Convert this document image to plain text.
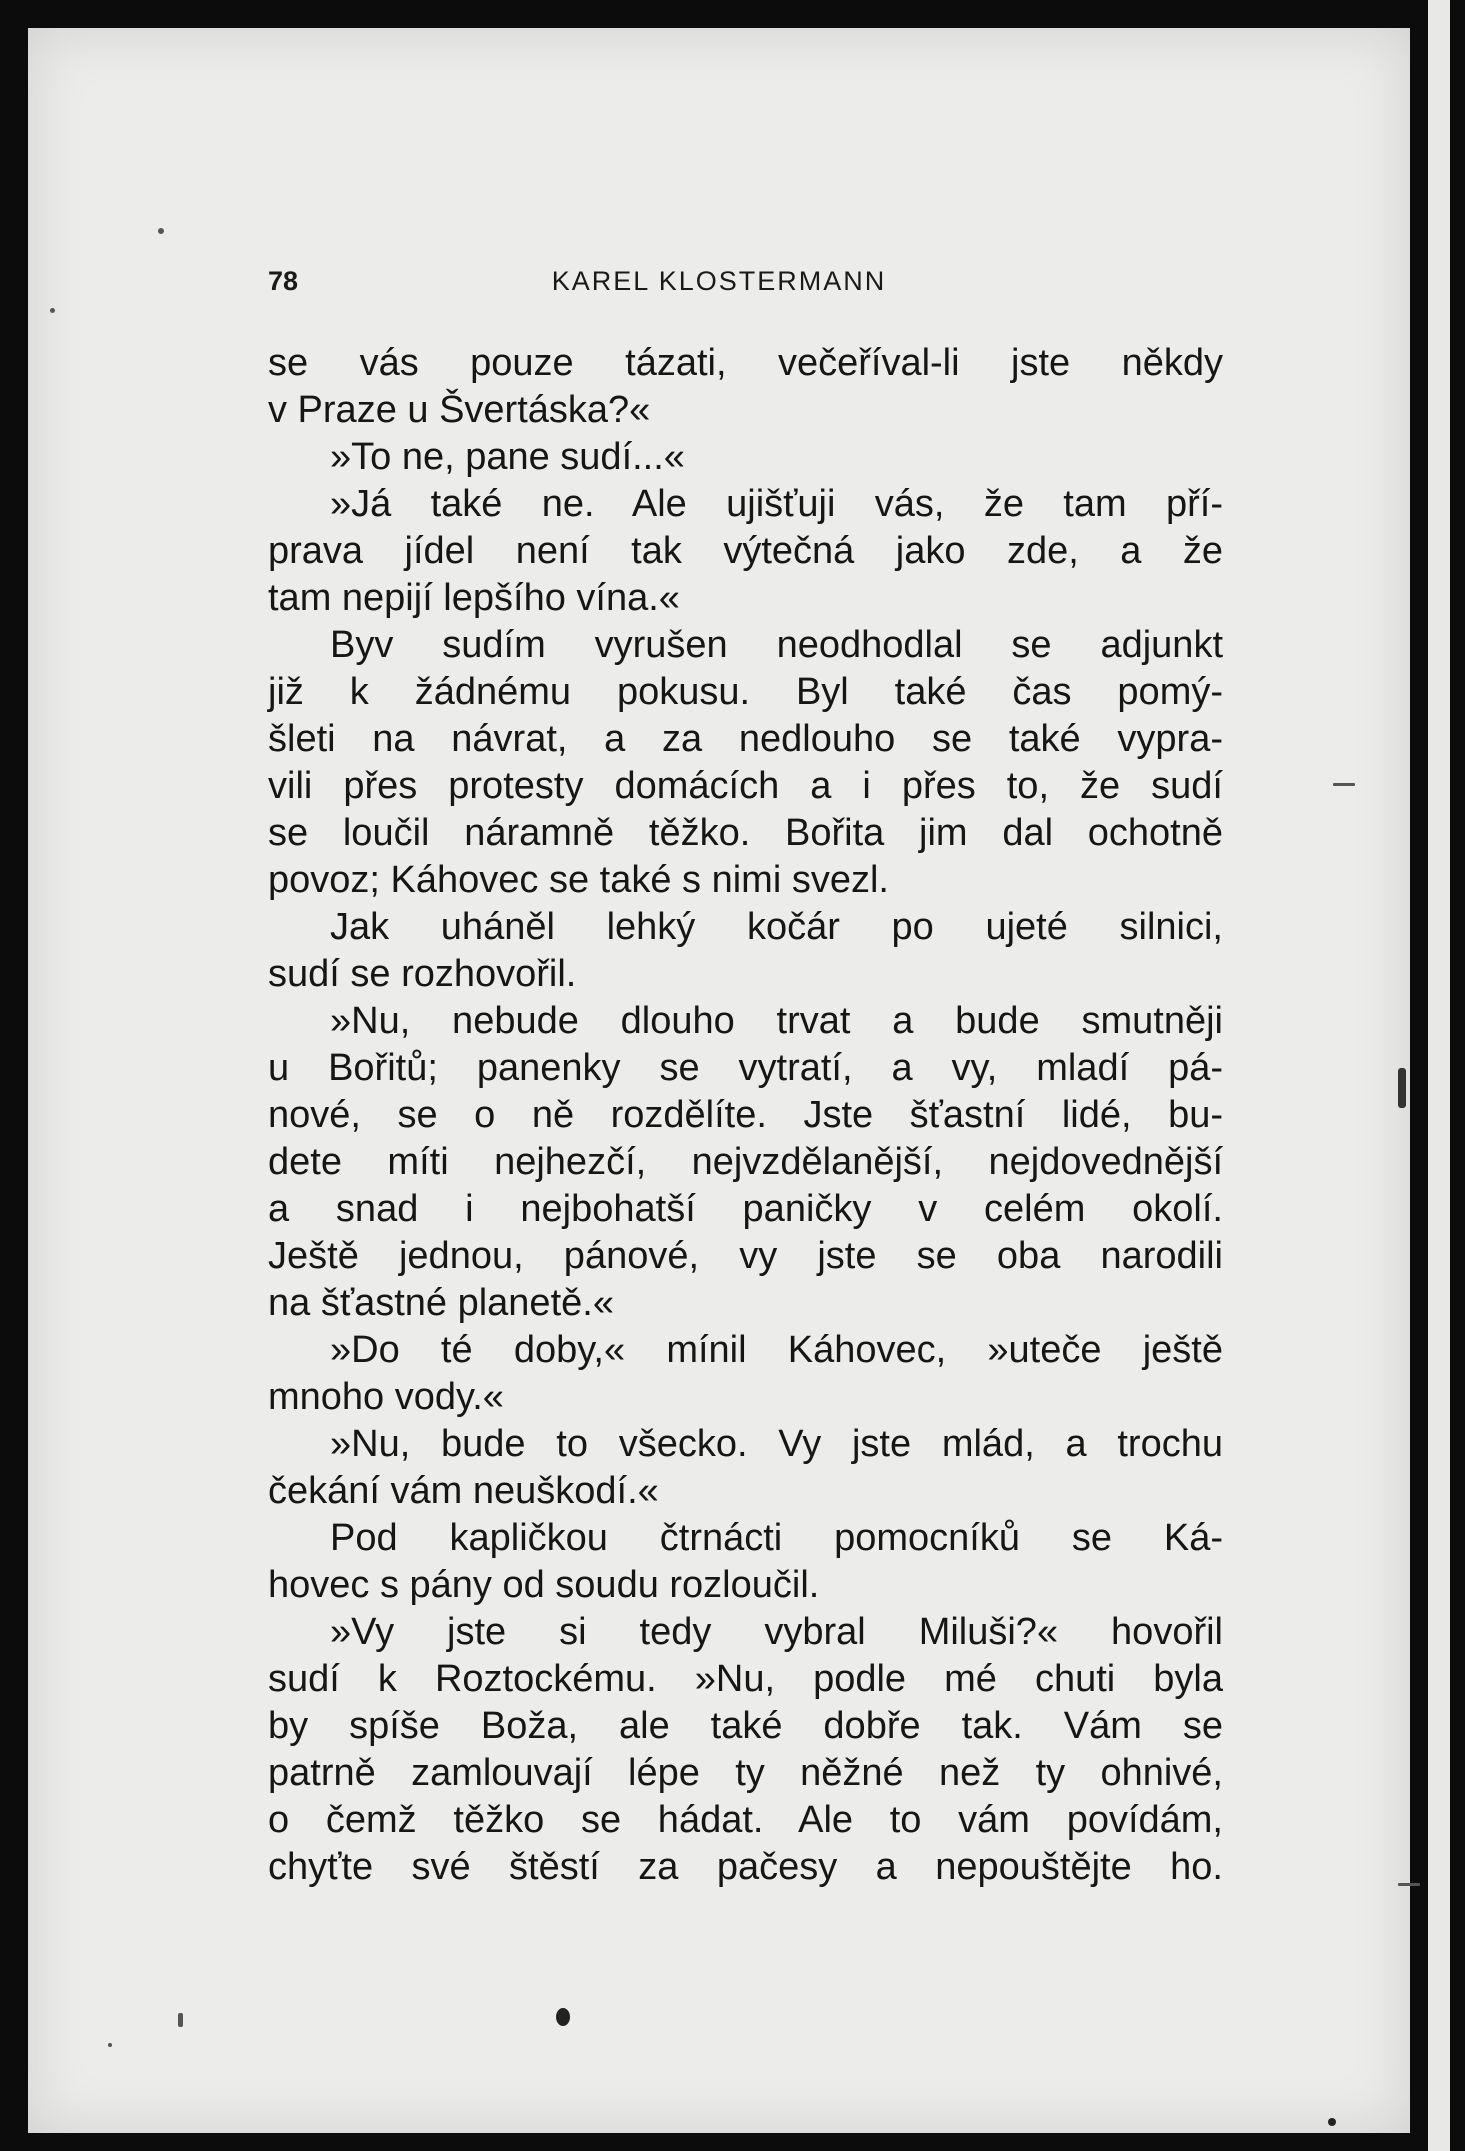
78	KAREL KLOSTERMANN
se vás pouze tázati, večeříval-li jste někdy
v Praze u Švertáska?«
»To ne, pane sudí...«
»Já také ne. Ale ujišťuji vás, že tam pří-
prava jídel není tak výtečná jako zde, a že
tam nepijí lepšího vína.«
Byv sudím vyrušen neodhodlal se adjunkt
již k žádnému pokusu. Byl také čas pomý-
šleti na návrat, a za nedlouho se také vypra-
vili přes protesty domácích a i přes to, že sudí
se loučil náramně těžko. Bořita jim dal ochotně
povoz; Káhovec se také s nimi svezl.
Jak uháněl lehký kočár po ujeté silnici,
sudí se rozhovořil.
»Nu, nebude dlouho trvat a bude smutněji
u Bořitů; panenky se vytratí, a vy, mladí pá-
nové, se o ně rozdělíte. Jste šťastní lidé, bu-
dete míti nejhezčí, nejvzdělanější, nejdovednější
a snad i nejbohatší paničky v celém okolí.
Ještě jednou, pánové, vy jste se oba narodili
na šťastné planetě.«
»Do té doby,« mínil Káhovec, »uteče ještě
mnoho vody.«
»Nu, bude to všecko. Vy jste mlád, a trochu
čekání vám neuškodí.«
Pod kapličkou čtrnácti pomocníků se Ká-
hovec s pány od soudu rozloučil.
»Vy jste si tedy vybral Miluši?« hovořil
sudí k Roztockému. »Nu, podle mé chuti byla
by spíše Boža, ale také dobře tak. Vám se
patrně zamlouvají lépe ty něžné než ty ohnivé,
o čemž těžko se hádat. Ale to vám povídám,
chyťte své štěstí za pačesy a nepouštějte ho.
